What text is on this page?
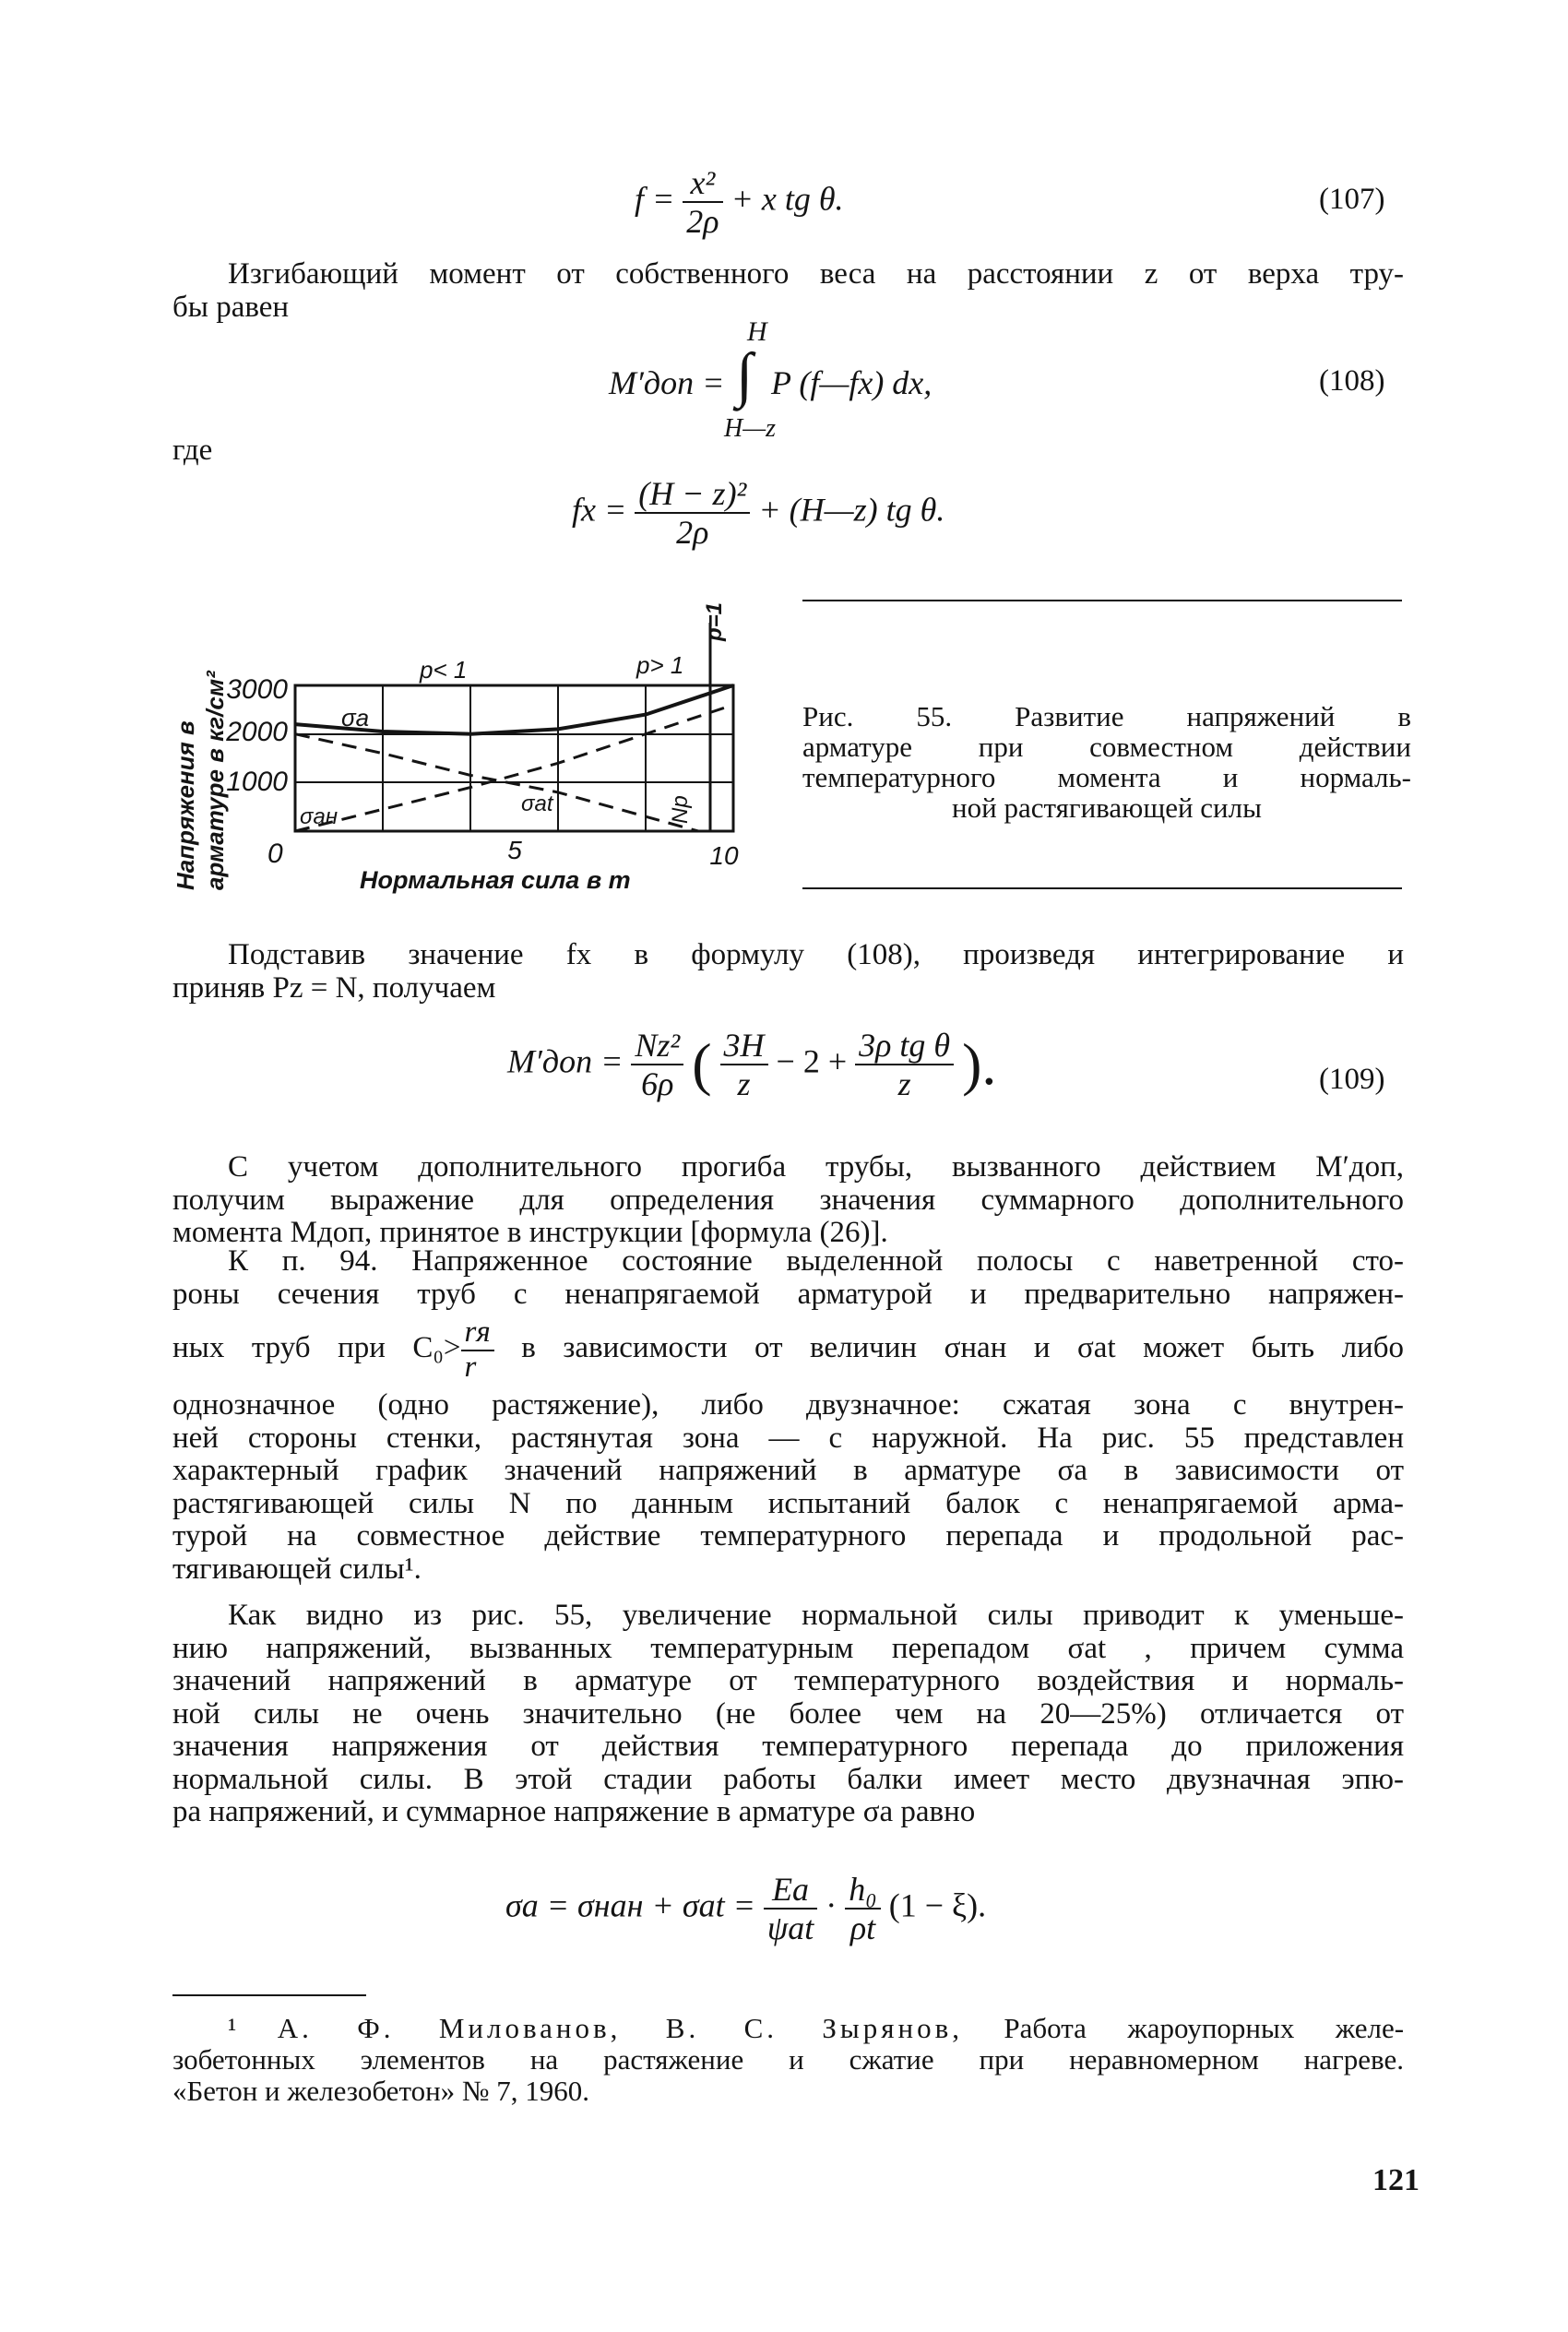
$f = \frac{\text{x²}}{2\rho} + x$ tg θ.	(107)
Изгибающий момент от собственного веса на расстоянии z от верха тру-
бы равен
H
M′доп = ∫ P (f—fx) dx,
H—z
(108)
где
fx = $\frac{\text{(H − z)²}}{2\rho}$ + (H—z) tg θ.
3000
2000
1000
0	5	10
Нормальная сила в т
Напряжения в арматуре в кг/см²
p< 1	p> 1
p=1
σa
σaн
σat	Np
Рис. 55. Развитие напряжений в
арматуре при совместном действии
температурного момента и нормаль-
ной растягивающей силы
Подставив значение fx в формулу (108), произведя интегрирование и
приняв Pz = N, получаем
$M'доп = \frac{\text{Nz²}}{6\rho}$ ( $\frac{3H}{z} - 2 + \frac{\text{3ρ tg θ}}{z}$ ).	(109)
С учетом дополнительного прогиба трубы, вызванного действием M′доп,
получим выражение для определения значения суммарного дополнительного
момента Mдоп, принятое в инструкции [формула (26)].
К п. 94. Напряженное состояние выделенной полосы с наветренной сто-
роны сечения труб с ненапрягаемой арматурой и предварительно напряжен-
ных труб при $C_0> \frac{rя}{r}$ в зависимости от величин σнaн и σat может быть либо
однозначное (одно растяжение), либо двузначное: сжатая зона с внутрен-
ней стороны стенки, растянутая зона — с наружной. На рис. 55 представлен
характерный график значений напряжений в арматуре σa в зависимости от
растягивающей силы N по данным испытаний балок с ненапрягаемой арма-
турой на совместное действие температурного перепада и продольной рас-
тягивающей силы¹.
Как видно из рис. 55, увеличение нормальной силы приводит к уменьше-
нию напряжений, вызванных температурным перепадом σat , причем сумма
значений напряжений в арматуре от температурного воздействия и нормаль-
ной силы не очень значительно (не более чем на 20—25%) отличается от
значения напряжения от действия температурного перепада до приложения
нормальной силы. В этой стадии работы балки имеет место двузначная эпю-
ра напряжений, и суммарное напряжение в арматуре σa равно
$\sigma a = \sigma нaн + \sigma at = \frac{Ea}{\text{ψat}} \cdot \frac{\text{h₀}}{\rho t} (1 - \xi)$.
¹ А. Ф. Милованов, В. С. Зырянов, Работа жароупорных желе-
зобетонных элементов на растяжение и сжатие при неравномерном нагреве.
«Бетон и железобетон» № 7, 1960.
121
